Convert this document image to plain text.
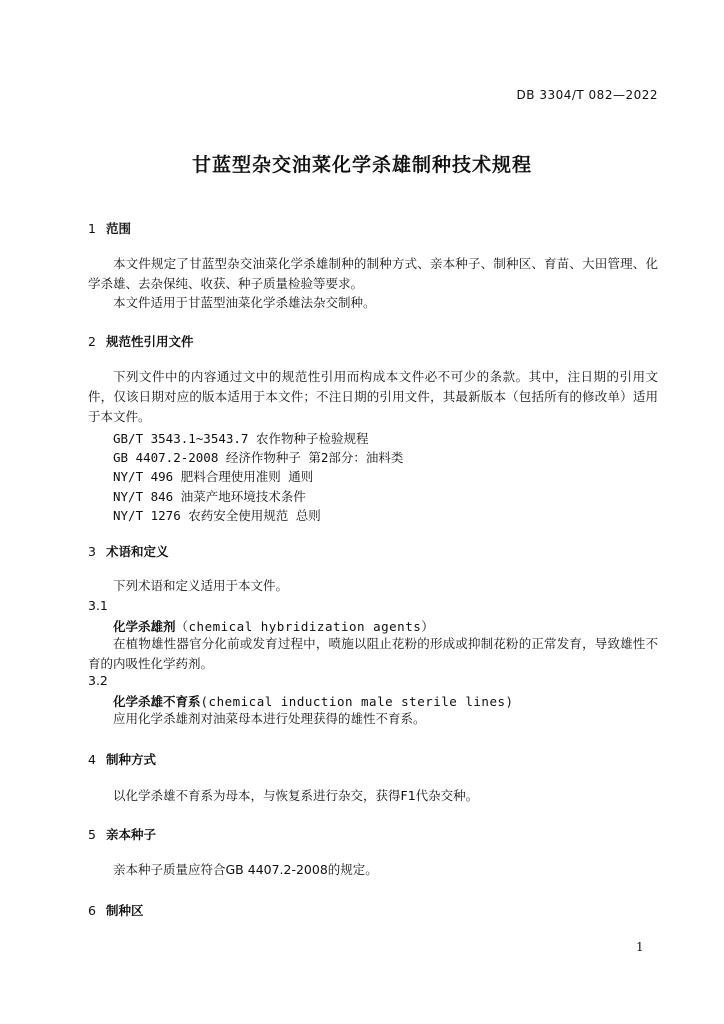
DB 3304/T 082—2022
甘蓝型杂交油菜化学杀雄制种技术规程
1 范围
本文件规定了甘蓝型杂交油菜化学杀雄制种的制种方式、亲本种子、制种区、育苗、大田管理、化学杀雄、去杂保纯、收获、种子质量检验等要求。
本文件适用于甘蓝型油菜化学杀雄法杂交制种。
2 规范性引用文件
下列文件中的内容通过文中的规范性引用而构成本文件必不可少的条款。其中，注日期的引用文件，仅该日期对应的版本适用于本文件；不注日期的引用文件，其最新版本（包括所有的修改单）适用于本文件。
GB/T 3543.1~3543.7 农作物种子检验规程
GB 4407.2-2008 经济作物种子 第2部分：油料类
NY/T 496 肥料合理使用准则 通则
NY/T 846 油菜产地环境技术条件
NY/T 1276 农药安全使用规范 总则
3 术语和定义
下列术语和定义适用于本文件。
3.1
化学杀雄剂（chemical hybridization agents）
在植物雄性器官分化前或发育过程中，喷施以阻止花粉的形成或抑制花粉的正常发育，导致雄性不育的内吸性化学药剂。
3.2
化学杀雄不育系(chemical induction male sterile lines)
应用化学杀雄剂对油菜母本进行处理获得的雄性不育系。
4 制种方式
以化学杀雄不育系为母本，与恢复系进行杂交，获得F1代杂交种。
5 亲本种子
亲本种子质量应符合GB 4407.2-2008的规定。
6 制种区
1
